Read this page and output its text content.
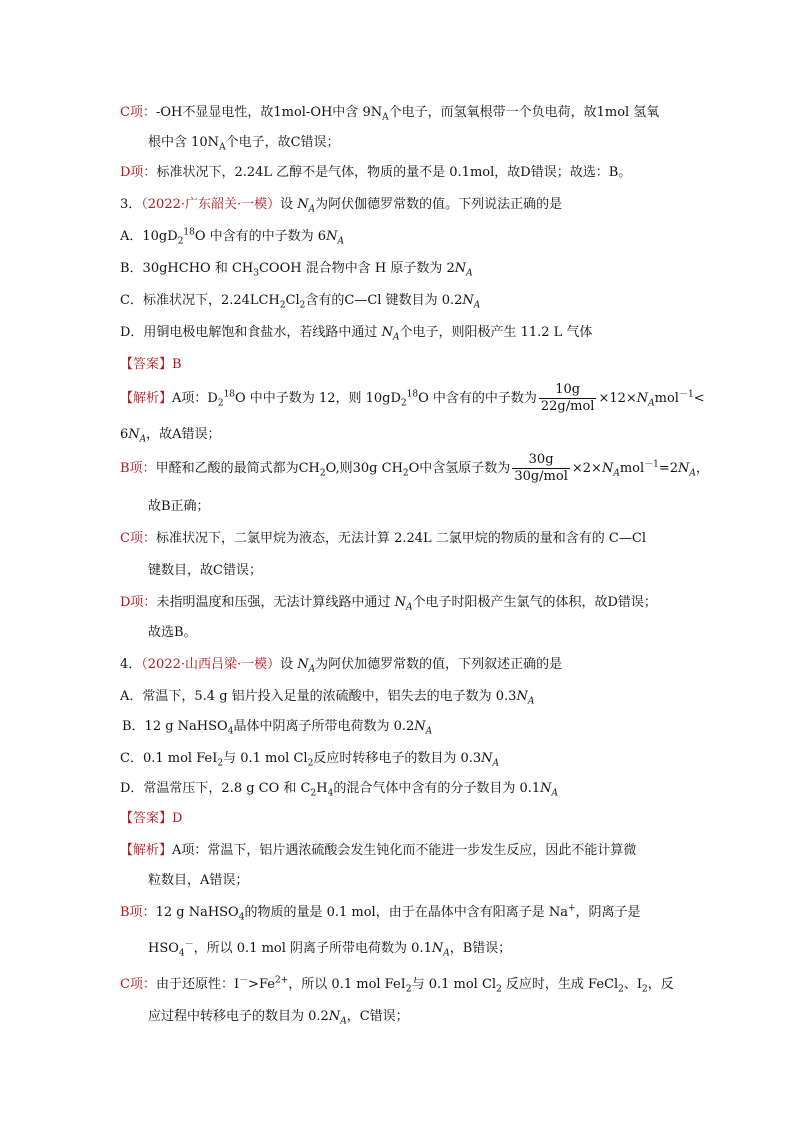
C项：-OH不显显电性，故1mol-OH中含 $9N_A$个电子，而氢氧根带一个负电荷，故1mol 氢氧
根中含 $10N_A$个电子，故C错误；
D项：标准状况下，2.24L 乙醇不是气体，物质的量不是 0.1mol，故D错误；故选：B。
3．（2022·广东韶关·一模）设 $N_A$为阿伏伽德罗常数的值。下列说法正确的是
A．$10gD_2^{18}O$ 中含有的中子数为 $6N_A$
B．30gHCHO 和 $CH_3COOH$ 混合物中含 H 原子数为 $2N_A$
C．标准状况下，$2.24LCH_2Cl_2$含有的C—Cl 键数目为 $0.2N_A$
D．用铜电极电解饱和食盐水，若线路中通过 $N_A$个电子，则阳极产生 11.2 L 气体
【答案】B
【解析】A项：$D_2^{18}O$ 中中子数为 12，则 $10gD_2^{18}O$ 中含有的中子数为 $\frac{10g}{\text{22g/mol}} \times 12\times N_Amol^{-1}<$
$6N_A$，故A错误；
B项：甲醛和乙酸的最简式都为$CH_2O$,则30g $CH_2O$中含氢原子数为 $\frac{30g}{\text{30g/mol}} \times 2\times N_Amol^{-1}=2N_A$，
故B正确；
C项：标准状况下，二氯甲烷为液态，无法计算 2.24L 二氯甲烷的物质的量和含有的 C—Cl
键数目，故C错误；
D项：未指明温度和压强，无法计算线路中通过 $N_A$个电子时阳极产生氯气的体积，故D错误；
故选B。
4．（2022·山西吕梁·一模）设 $N_A$为阿伏加德罗常数的值，下列叙述正确的是
A．常温下，5.4 g 铝片投入足量的浓硫酸中，铝失去的电子数为 $0.3N_A$
B．12 g NaHSO$_4$晶体中阴离子所带电荷数为 $0.2N_A$
C．0.1 mol FeI$_2$与 0.1 mol $Cl_2$反应时转移电子的数目为 $0.3N_A$
D．常温常压下，2.8 g CO 和 $C_2H_4$的混合气体中含有的分子数目为 $0.1N_A$
【答案】D
【解析】A项：常温下，铝片遇浓硫酸会发生钝化而不能进一步发生反应，因此不能计算微
粒数目，A错误；
B项：12 g NaHSO$_4$的物质的量是 0.1 mol，由于在晶体中含有阳离子是 Na+，阴离子是
$HSO_4^-$，所以 0.1 mol 阴离子所带电荷数为 $0.1N_A$，B错误；
C项：由于还原性：$I^->Fe^{2+}$，所以 0.1 mol FeI$_2$与 0.1 mol $Cl_2$ 反应时，生成 FeCl$_2$、$I_2$，反
应过程中转移电子的数目为 $0.2N_A$，C错误；
